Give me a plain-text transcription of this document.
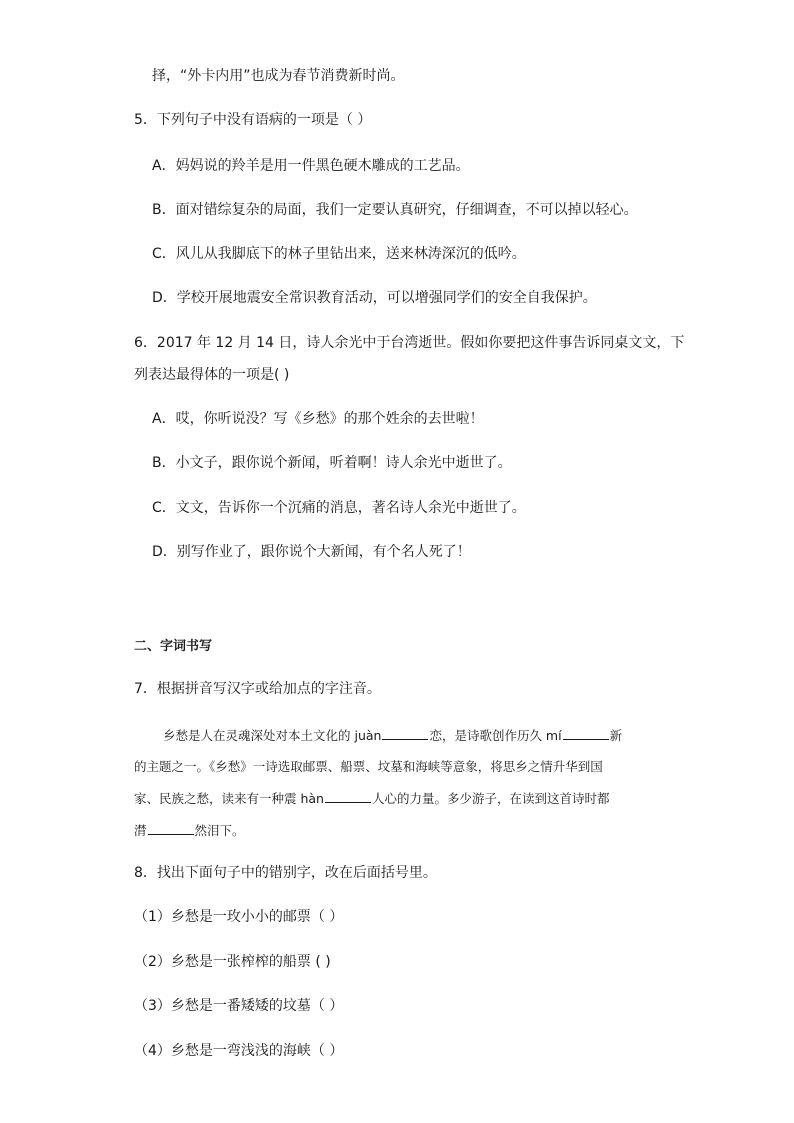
择，“外卡内用”也成为春节消费新时尚。
5．下列句子中没有语病的一项是（ ）
A．妈妈说的羚羊是用一件黑色硬木雕成的工艺品。
B．面对错综复杂的局面，我们一定要认真研究，仔细调查，不可以掉以轻心。
C．风儿从我脚底下的林子里钻出来，送来林涛深沉的低吟。
D．学校开展地震安全常识教育活动，可以增强同学们的安全自我保护。
6．2017 年 12 月 14 日，诗人余光中于台湾逝世。假如你要把这件事告诉同桌文文，下
列表达最得体的一项是( )
A．哎，你听说没？写《乡愁》的那个姓余的去世啦！
B．小文子，跟你说个新闻，听着啊！诗人余光中逝世了。
C．文文，告诉你一个沉痛的消息，著名诗人余光中逝世了。
D．别写作业了，跟你说个大新闻，有个名人死了！
二、字词书写
7．根据拼音写汉字或给加点的字注音。
乡愁是人在灵魂深处对本土文化的 juàn	恋，是诗歌创作历久 mí	新
的主题之一。《乡愁》一诗选取邮票、船票、坟墓和海峡等意象，将思乡之情升华到国
家、民族之愁，读来有一种震 hàn	人心的力量。多少游子，在读到这首诗时都
潸	然泪下。
8．找出下面句子中的错别字，改在后面括号里。
（1）乡愁是一玫小小的邮票（ ）
（2）乡愁是一张榨榨的船票 ( )
（3）乡愁是一番矮矮的坟墓（ ）
（4）乡愁是一弯浅浅的海峡（ ）
